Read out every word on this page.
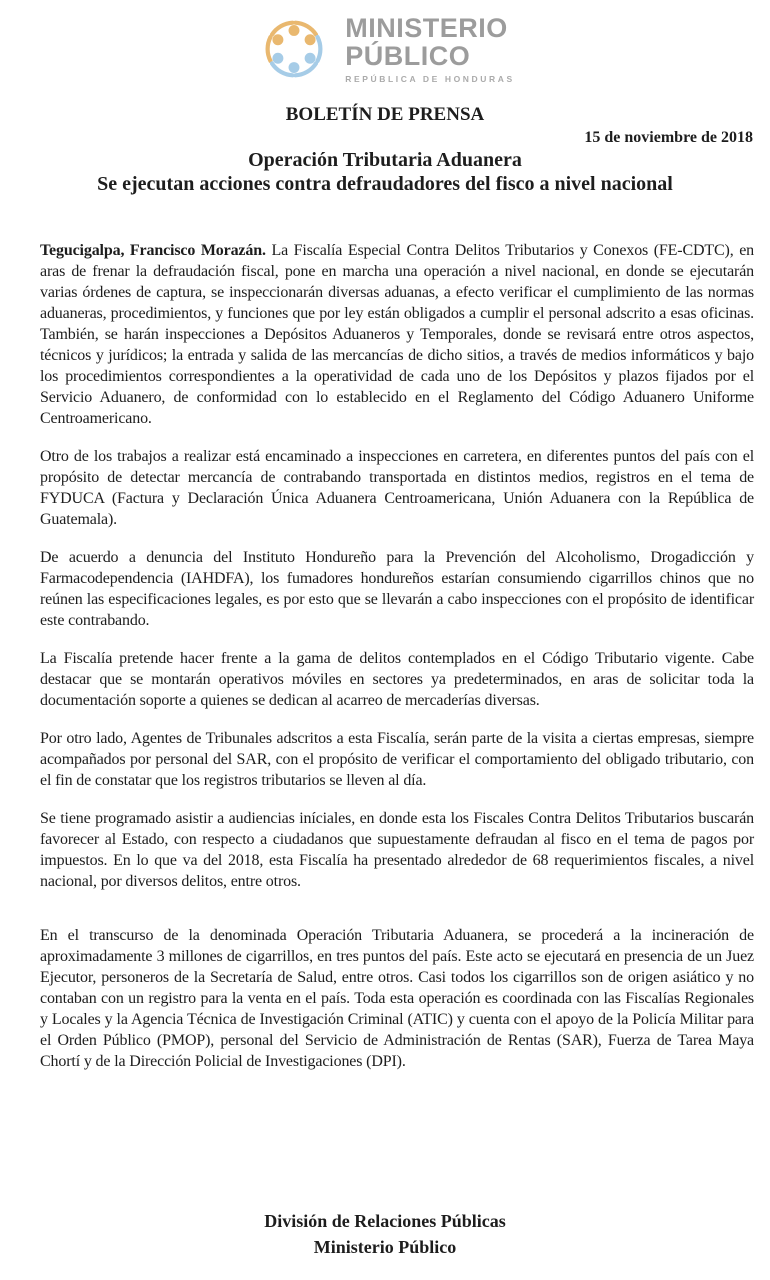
MINISTERIO
PÚBLICO
REPÚBLICA DE HONDURAS
BOLETÍN DE PRENSA
15 de noviembre de 2018
Operación Tributaria Aduanera
Se ejecutan acciones contra defraudadores del fisco a nivel nacional

Tegucigalpa, Francisco Morazán. La Fiscalía Especial Contra Delitos Tributarios y Conexos (FE-CDTC), en aras de frenar la defraudación fiscal, pone en marcha una operación a nivel nacional, en donde se ejecutarán varias órdenes de captura, se inspeccionarán diversas aduanas, a efecto verificar el cumplimiento de las normas aduaneras, procedimientos, y funciones que por ley están obligados a cumplir el personal adscrito a esas oficinas. También, se harán inspecciones a Depósitos Aduaneros y Temporales, donde se revisará entre otros aspectos, técnicos y jurídicos; la entrada y salida de las mercancías de dicho sitios, a través de medios informáticos y bajo los procedimientos correspondientes a la operatividad de cada uno de los Depósitos y plazos fijados por el Servicio Aduanero, de conformidad con lo establecido en el Reglamento del Código Aduanero Uniforme Centroamericano.

Otro de los trabajos a realizar está encaminado a inspecciones en carretera, en diferentes puntos del país con el propósito de detectar mercancía de contrabando transportada en distintos medios, registros en el tema de FYDUCA (Factura y Declaración Única Aduanera Centroamericana, Unión Aduanera con la República de Guatemala).

De acuerdo a denuncia del Instituto Hondureño para la Prevención del Alcoholismo, Drogadicción y Farmacodependencia (IAHDFA), los fumadores hondureños estarían consumiendo cigarrillos chinos que no reúnen las especificaciones legales, es por esto que se llevarán a cabo inspecciones con el propósito de identificar este contrabando.

La Fiscalía pretende hacer frente a la gama de delitos contemplados en el Código Tributario vigente. Cabe destacar que se montarán operativos móviles en sectores ya predeterminados, en aras de solicitar toda la documentación soporte a quienes se dedican al acarreo de mercaderías diversas.

Por otro lado, Agentes de Tribunales adscritos a esta Fiscalía, serán parte de la visita a ciertas empresas, siempre acompañados por personal del SAR, con el propósito de verificar el comportamiento del obligado tributario, con el fin de constatar que los registros tributarios se lleven al día.

Se tiene programado asistir a audiencias iníciales, en donde esta los Fiscales Contra Delitos Tributarios buscarán favorecer al Estado, con respecto a ciudadanos que supuestamente defraudan al fisco en el tema de pagos por impuestos. En lo que va del 2018, esta Fiscalía ha presentado alrededor de 68 requerimientos fiscales, a nivel nacional, por diversos delitos, entre otros.

En el transcurso de la denominada Operación Tributaria Aduanera, se procederá a la incineración de aproximadamente 3 millones de cigarrillos, en tres puntos del país. Este acto se ejecutará en presencia de un Juez Ejecutor, personeros de la Secretaría de Salud, entre otros. Casi todos los cigarrillos son de origen asiático y no contaban con un registro para la venta en el país. Toda esta operación es coordinada con las Fiscalías Regionales y Locales y la Agencia Técnica de Investigación Criminal (ATIC) y cuenta con el apoyo de la Policía Militar para el Orden Público (PMOP), personal del Servicio de Administración de Rentas (SAR), Fuerza de Tarea Maya Chortí y de la Dirección Policial de Investigaciones (DPI).

División de Relaciones Públicas
Ministerio Público
